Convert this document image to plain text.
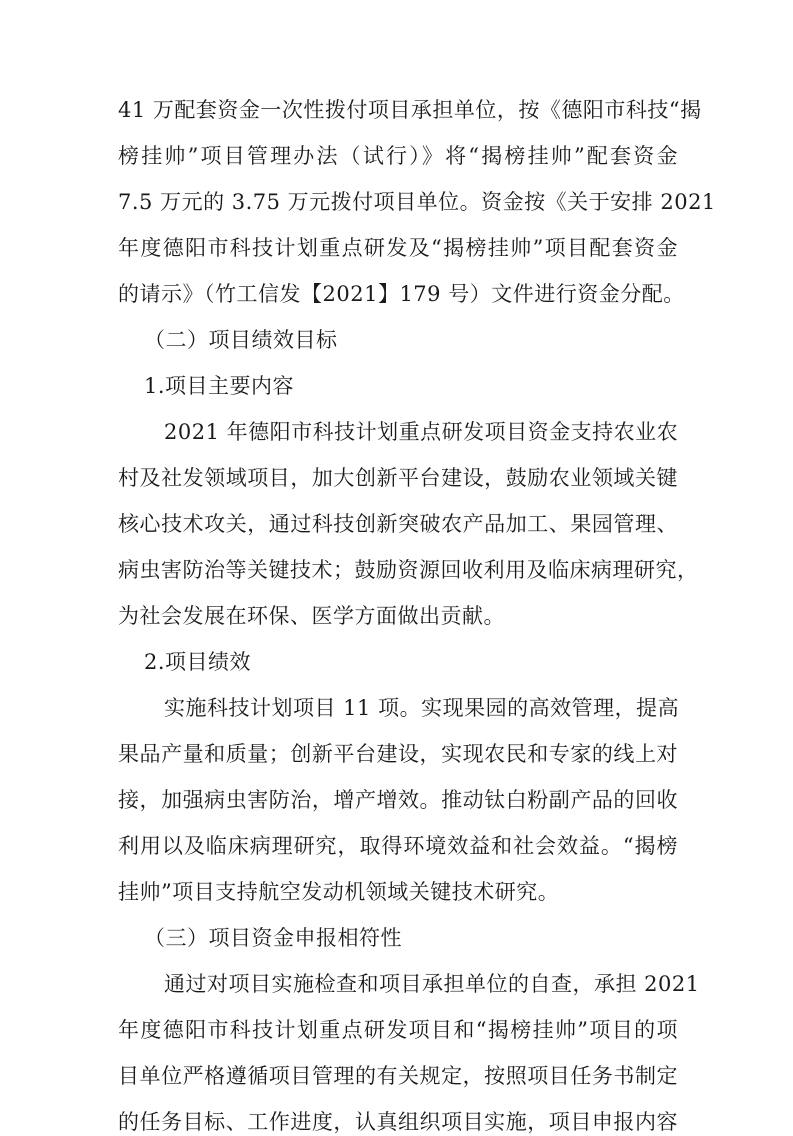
41 万配套资金一次性拨付项目承担单位，按《德阳市科技“揭
榜挂帅”项目管理办法（试行）》将“揭榜挂帅”配套资金
7.5 万元的 3.75 万元拨付项目单位。资金按《关于安排 2021
年度德阳市科技计划重点研发及“揭榜挂帅”项目配套资金
的请示》（竹工信发【2021】179 号）文件进行资金分配。
（二）项目绩效目标
1.项目主要内容
2021 年德阳市科技计划重点研发项目资金支持农业农
村及社发领域项目，加大创新平台建设，鼓励农业领域关键
核心技术攻关，通过科技创新突破农产品加工、果园管理、
病虫害防治等关键技术；鼓励资源回收利用及临床病理研究，
为社会发展在环保、医学方面做出贡献。
2.项目绩效
实施科技计划项目 11 项。实现果园的高效管理，提高
果品产量和质量；创新平台建设，实现农民和专家的线上对
接，加强病虫害防治，增产增效。推动钛白粉副产品的回收
利用以及临床病理研究，取得环境效益和社会效益。“揭榜
挂帅”项目支持航空发动机领域关键技术研究。
（三）项目资金申报相符性
通过对项目实施检查和项目承担单位的自查，承担 2021
年度德阳市科技计划重点研发项目和“揭榜挂帅”项目的项
目单位严格遵循项目管理的有关规定，按照项目任务书制定
的任务目标、工作进度，认真组织项目实施，项目申报内容
